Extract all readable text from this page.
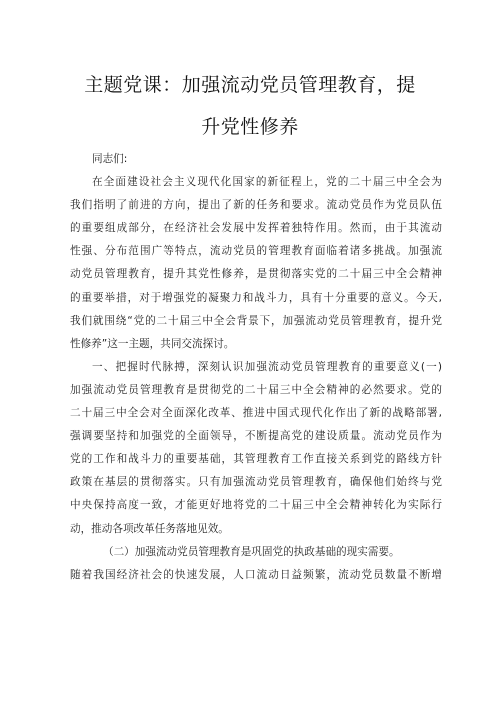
主题党课：加强流动党员管理教育，提
升党性修养
同志们:
在全面建设社会主义现代化国家的新征程上，党的二十届三中全会为
我们指明了前进的方向，提出了新的任务和要求。流动党员作为党员队伍
的重要组成部分，在经济社会发展中发挥着独特作用。然而，由于其流动
性强、分布范围广等特点，流动党员的管理教育面临着诸多挑战。加强流
动党员管理教育，提升其党性修养，是贯彻落实党的二十届三中全会精神
的重要举措，对于增强党的凝聚力和战斗力，具有十分重要的意义。今天,
我们就围绕“党的二十届三中全会背景下，加强流动党员管理教育，提升党
性修养”这一主题，共同交流探讨。
一、把握时代脉搏，深刻认识加强流动党员管理教育的重要意义(一)
加强流动党员管理教育是贯彻党的二十届三中全会精神的必然要求。党的
二十届三中全会对全面深化改革、推进中国式现代化作出了新的战略部署,
强调要坚持和加强党的全面领导，不断提高党的建设质量。流动党员作为
党的工作和战斗力的重要基础，其管理教育工作直接关系到党的路线方针
政策在基层的贯彻落实。只有加强流动党员管理教育，确保他们始终与党
中央保持高度一致，才能更好地将党的二十届三中全会精神转化为实际行
动，推动各项改革任务落地见效。
（二）加强流动党员管理教育是巩固党的执政基础的现实需要。
随着我国经济社会的快速发展，人口流动日益频繁，流动党员数量不断增
